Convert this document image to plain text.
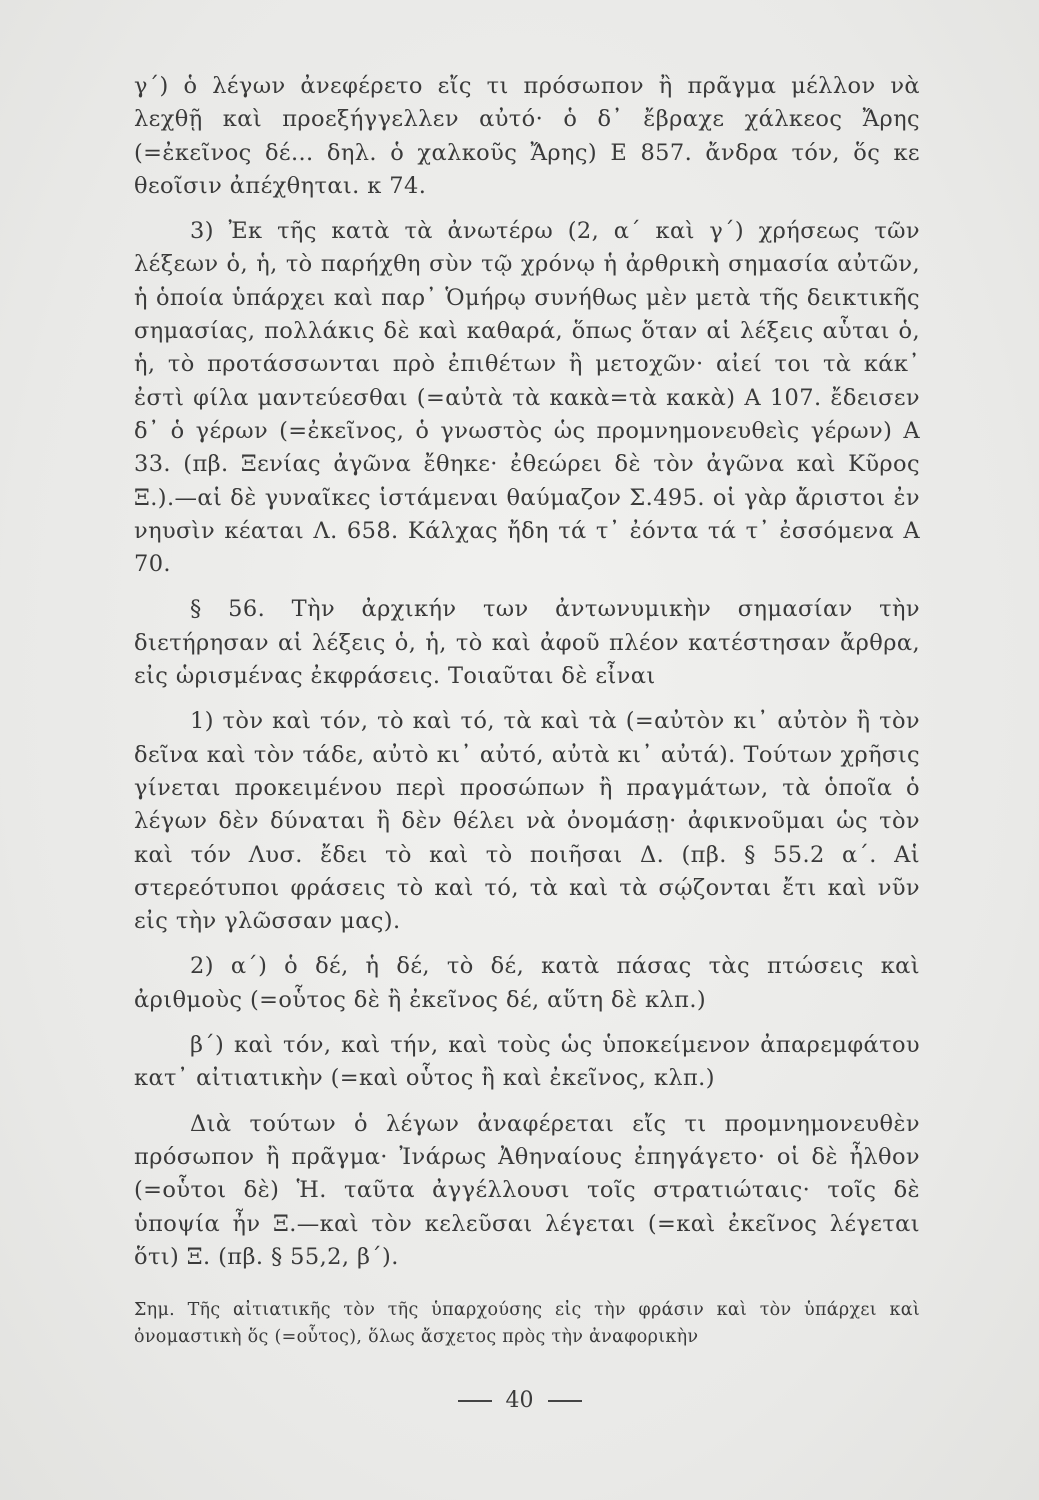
γ΄) ὁ λέγων ἀνεφέρετο εἴς τι πρόσωπον ἢ πρᾶγμα μέλλον νὰ λεχθῇ καὶ προεξήγγελλεν αὐτό· ὁ δ᾽ ἔβραχε χάλκεος Ἄρης (=ἐκεῖνος δέ... δηλ. ὁ χαλκοῦς Ἄρης) Ε 857. ἄνδρα τόν, ὅς κε θεοῖσιν ἀπέχθηται. κ 74.

3) Ἐκ τῆς κατὰ τὰ ἀνωτέρω (2, α΄ καὶ γ΄) χρήσεως τῶν λέξεων ὁ, ἡ, τὸ παρήχθη σὺν τῷ χρόνῳ ἡ ἀρθρικὴ σημασία αὐτῶν, ἡ ὁποία ὑπάρχει καὶ παρ᾽ Ὁμήρῳ συνήθως μὲν μετὰ τῆς δεικτικῆς σημασίας, πολλάκις δὲ καὶ καθαρά, ὅπως ὅταν αἱ λέξεις αὗται ὁ, ἡ, τὸ προτάσσωνται πρὸ ἐπιθέτων ἢ μετοχῶν· αἰεί τοι τὰ κάκ᾽ ἐστὶ φίλα μαντεύεσθαι (=αὐτὰ τὰ κακὰ=τὰ κακὰ) Α 107. ἔδεισεν δ᾽ ὁ γέρων (=ἐκεῖνος, ὁ γνωστὸς ὡς προμνημονευθεὶς γέρων) Α 33. (πβ. Ξενίας ἀγῶνα ἔθηκε· ἐθεώρει δὲ τὸν ἀγῶνα καὶ Κῦρος Ξ.).—αἱ δὲ γυναῖκες ἱστάμεναι θαύμαζον Σ.495. οἱ γὰρ ἄριστοι ἐν νηυσὶν κέαται Λ. 658. Κάλχας ἤδη τά τ᾽ ἐόντα τά τ᾽ ἐσσόμενα Α 70.

§ 56. Τὴν ἀρχικήν των ἀντωνυμικὴν σημασίαν τὴν διετήρησαν αἱ λέξεις ὁ, ἡ, τὸ καὶ ἀφοῦ πλέον κατέστησαν ἄρθρα, εἰς ὡρισμένας ἐκφράσεις. Τοιαῦται δὲ εἶναι

1) τὸν καὶ τόν, τὸ καὶ τό, τὰ καὶ τὰ (=αὐτὸν κι᾽ αὐτὸν ἢ τὸν δεῖνα καὶ τὸν τάδε, αὐτὸ κι᾽ αὐτό, αὐτὰ κι᾽ αὐτά). Τούτων χρῆσις γίνεται προκειμένου περὶ προσώπων ἢ πραγμάτων, τὰ ὁποῖα ὁ λέγων δὲν δύναται ἢ δὲν θέλει νὰ ὀνομάσῃ· ἀφικνοῦμαι ὡς τὸν καὶ τόν Λυσ. ἔδει τὸ καὶ τὸ ποιῆσαι Δ. (πβ. § 55.2 α΄. Αἱ στερεότυποι φράσεις τὸ καὶ τό, τὰ καὶ τὰ σῴζονται ἔτι καὶ νῦν εἰς τὴν γλῶσσαν μας).

2) α΄) ὁ δέ, ἡ δέ, τὸ δέ, κατὰ πάσας τὰς πτώσεις καὶ ἀριθμοὺς (=οὗτος δὲ ἢ ἐκεῖνος δέ, αὕτη δὲ κλπ.)

β΄) καὶ τόν, καὶ τήν, καὶ τοὺς ὡς ὑποκείμενον ἀπαρεμφάτου κατ᾽ αἰτιατικὴν (=καὶ οὗτος ἢ καὶ ἐκεῖνος, κλπ.)

Διὰ τούτων ὁ λέγων ἀναφέρεται εἴς τι προμνημονευθὲν πρόσωπον ἢ πρᾶγμα· Ἰνάρως Ἀθηναίους ἐπηγάγετο· οἱ δὲ ἦλθον (=οὗτοι δὲ) Ἡ. ταῦτα ἀγγέλλουσι τοῖς στρατιώταις· τοῖς δὲ ὑποψία ἦν Ξ.—καὶ τὸν κελεῦσαι λέγεται (=καὶ ἐκεῖνος λέγεται ὅτι) Ξ. (πβ. § 55,2, β΄).

Σημ. Τῆς αἰτιατικῆς τὸν τῆς ὑπαρχούσης εἰς τὴν φράσιν καὶ τὸν ὑπάρχει καὶ ὀνομαστικὴ ὅς (=οὗτος), ὅλως ἄσχετος πρὸς τὴν ἀναφορικὴν
40
